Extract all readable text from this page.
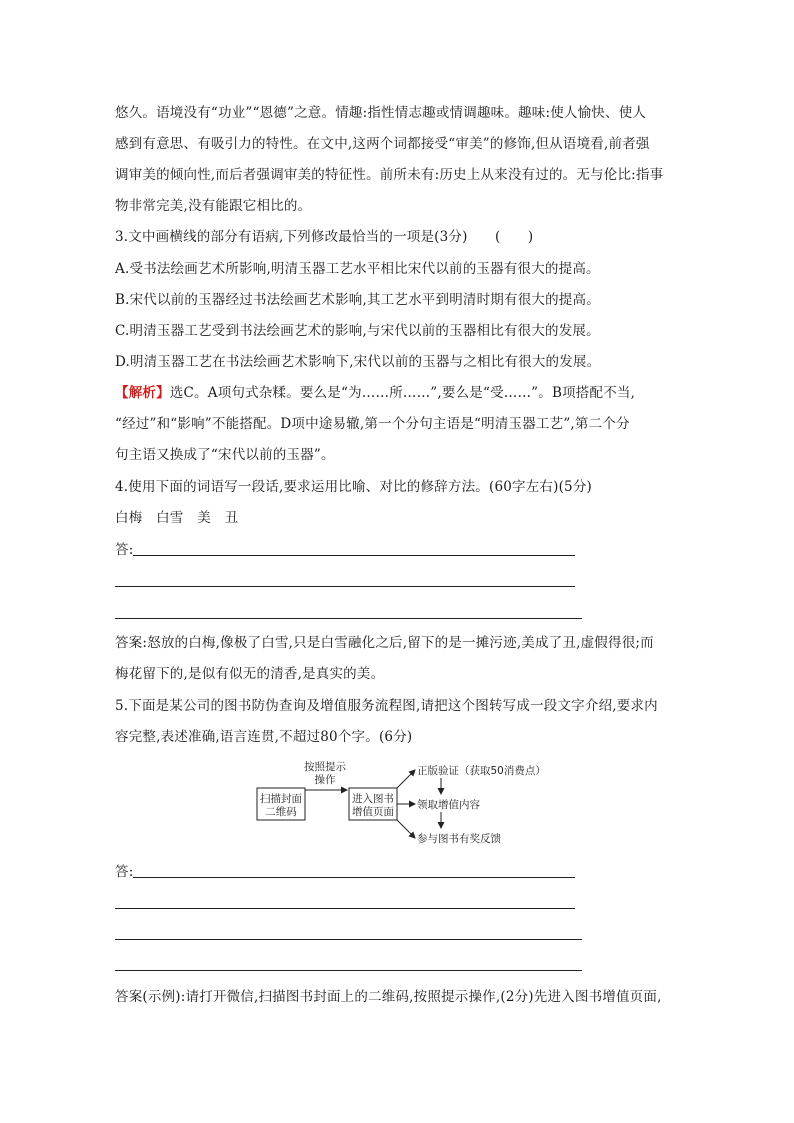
悠久。语境没有“功业”“恩德”之意。情趣:指性情志趣或情调趣味。趣味:使人愉快、使人
感到有意思、有吸引力的特性。在文中,这两个词都接受“审美”的修饰,但从语境看,前者强
调审美的倾向性,而后者强调审美的特征性。前所未有:历史上从来没有过的。无与伦比:指事
物非常完美,没有能跟它相比的。
3.文中画横线的部分有语病,下列修改最恰当的一项是(3分)　　(　　)
A.受书法绘画艺术所影响,明清玉器工艺水平相比宋代以前的玉器有很大的提高。
B.宋代以前的玉器经过书法绘画艺术影响,其工艺水平到明清时期有很大的提高。
C.明清玉器工艺受到书法绘画艺术的影响,与宋代以前的玉器相比有很大的发展。
D.明清玉器工艺在书法绘画艺术影响下,宋代以前的玉器与之相比有很大的发展。
【解析】选C。A项句式杂糅。要么是“为……所……”,要么是“受……”。B项搭配不当,
“经过”和“影响”不能搭配。D项中途易辙,第一个分句主语是“明清玉器工艺”,第二个分
句主语又换成了“宋代以前的玉器”。
4.使用下面的词语写一段话,要求运用比喻、对比的修辞方法。(60字左右)(5分)
白梅　白雪　美　丑
答:
答案:怒放的白梅,像极了白雪,只是白雪融化之后,留下的是一摊污迹,美成了丑,虚假得很;而
梅花留下的,是似有似无的清香,是真实的美。
5.下面是某公司的图书防伪查询及增值服务流程图,请把这个图转写成一段文字介绍,要求内
容完整,表述准确,语言连贯,不超过80个字。(6分)
扫描封面
二维码
按照提示
操作
进入图书
增值页面
正版验证（获取50消费点）
领取增值内容
参与图书有奖反馈
答:
答案(示例):请打开微信,扫描图书封面上的二维码,按照提示操作,(2分)先进入图书增值页面,
